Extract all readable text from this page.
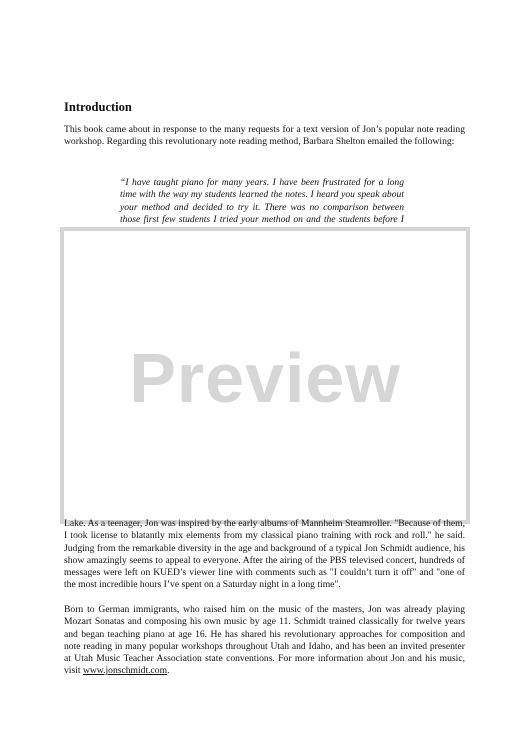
Introduction
This book came about in response to the many requests for a text version of Jon’s popular note reading workshop. Regarding this revolutionary note reading method, Barbara Shelton emailed the following:
“I have taught piano for many years. I have been frustrated for a long time with the way my students learned the notes. I heard you speak about your method and decided to try it. There was no comparison between those first few students I tried your method on and the students before I
Preview
Lake. As a teenager, Jon was inspired by the early albums of Mannheim Steamroller. "Because of them, I took license to blatantly mix elements from my classical piano training with rock and roll." he said. Judging from the remarkable diversity in the age and background of a typical Jon Schmidt audience, his show amazingly seems to appeal to everyone. After the airing of the PBS televised concert, hundreds of messages were left on KUED’s viewer line with comments such as "I couldn’t turn it off" and "one of the most incredible hours I’ve spent on a Saturday night in a long time".
Born to German immigrants, who raised him on the music of the masters, Jon was already playing Mozart Sonatas and composing his own music by age 11. Schmidt trained classically for twelve years and began teaching piano at age 16. He has shared his revolutionary approaches for composition and note reading in many popular workshops throughout Utah and Idaho, and has been an invited presenter at Utah Music Teacher Association state conventions. For more information about Jon and his music, visit www.jonschmidt.com.
